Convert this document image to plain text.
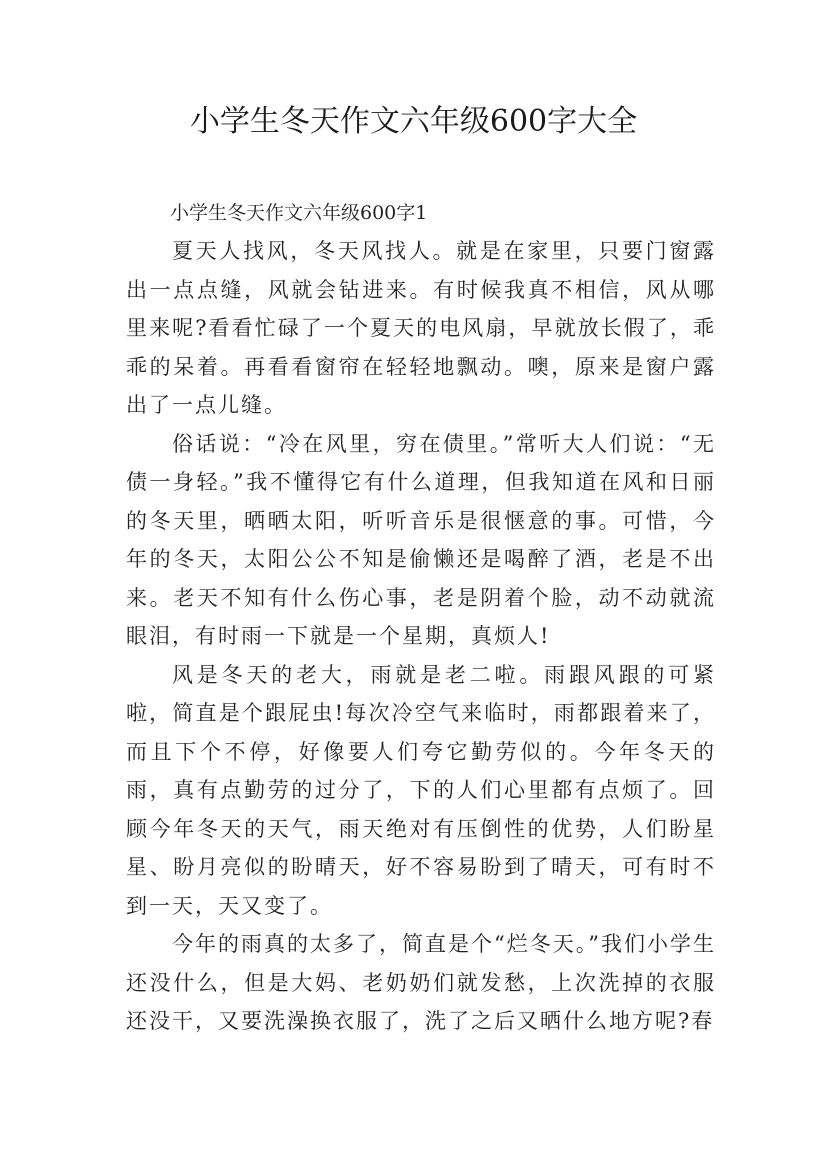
小学生冬天作文六年级600字大全

小学生冬天作文六年级600字1

夏天人找风，冬天风找人。就是在家里，只要门窗露出一点点缝，风就会钻进来。有时候我真不相信，风从哪里来呢?看看忙碌了一个夏天的电风扇，早就放长假了，乖乖的呆着。再看看窗帘在轻轻地飘动。噢，原来是窗户露出了一点儿缝。

俗话说：“冷在风里，穷在债里。”常听大人们说：“无债一身轻。”我不懂得它有什么道理，但我知道在风和日丽的冬天里，晒晒太阳，听听音乐是很惬意的事。可惜，今年的冬天，太阳公公不知是偷懒还是喝醉了酒，老是不出来。老天不知有什么伤心事，老是阴着个脸，动不动就流眼泪，有时雨一下就是一个星期，真烦人!

风是冬天的老大，雨就是老二啦。雨跟风跟的可紧啦，简直是个跟屁虫!每次冷空气来临时，雨都跟着来了，而且下个不停，好像要人们夸它勤劳似的。今年冬天的雨，真有点勤劳的过分了，下的人们心里都有点烦了。回顾今年冬天的天气，雨天绝对有压倒性的优势，人们盼星星、盼月亮似的盼晴天，好不容易盼到了晴天，可有时不到一天，天又变了。

今年的雨真的太多了，简直是个“烂冬天。”我们小学生还没什么，但是大妈、老奶奶们就发愁，上次洗掉的衣服还没干，又要洗澡换衣服了，洗了之后又晒什么地方呢?春
